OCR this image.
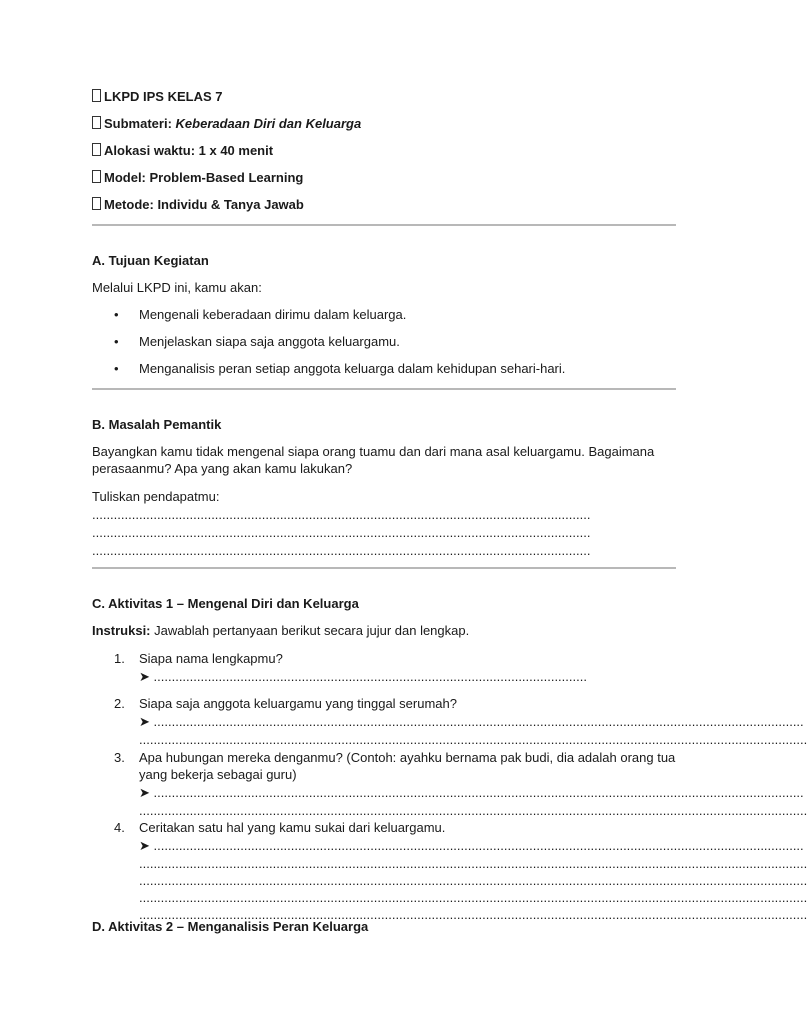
LKPD IPS KELAS 7
Submateri: Keberadaan Diri dan Keluarga
Alokasi waktu: 1 x 40 menit
Model: Problem-Based Learning
Metode: Individu & Tanya Jawab
A. Tujuan Kegiatan
Melalui LKPD ini, kamu akan:
• Mengenali keberadaan dirimu dalam keluarga.
• Menjelaskan siapa saja anggota keluargamu.
• Menganalisis peran setiap anggota keluarga dalam kehidupan sehari-hari.
B. Masalah Pemantik
Bayangkan kamu tidak mengenal siapa orang tuamu dan dari mana asal keluargamu. Bagaimana
perasaanmu? Apa yang akan kamu lakukan?
Tuliskan pendapatmu:
..........................................................................................................................................
..........................................................................................................................................
..........................................................................................................................................
C. Aktivitas 1 – Mengenal Diri dan Keluarga
Instruksi: Jawablah pertanyaan berikut secara jujur dan lengkap.
1. Siapa nama lengkapmu?
➤ ........................................................................................................................
2. Siapa saja anggota keluargamu yang tinggal serumah?
➤ ....................................................................................................................................................................................
.........................................................................................................................................................................................
3. Apa hubungan mereka denganmu? (Contoh: ayahku bernama pak budi, dia adalah orang tua
yang bekerja sebagai guru)
➤ ....................................................................................................................................................................................
.........................................................................................................................................................................................
4. Ceritakan satu hal yang kamu sukai dari keluargamu.
➤ ....................................................................................................................................................................................
.........................................................................................................................................................................................
.........................................................................................................................................................................................
.........................................................................................................................................................................................
.........................................................................................................................................................................................
D. Aktivitas 2 – Menganalisis Peran Keluarga
